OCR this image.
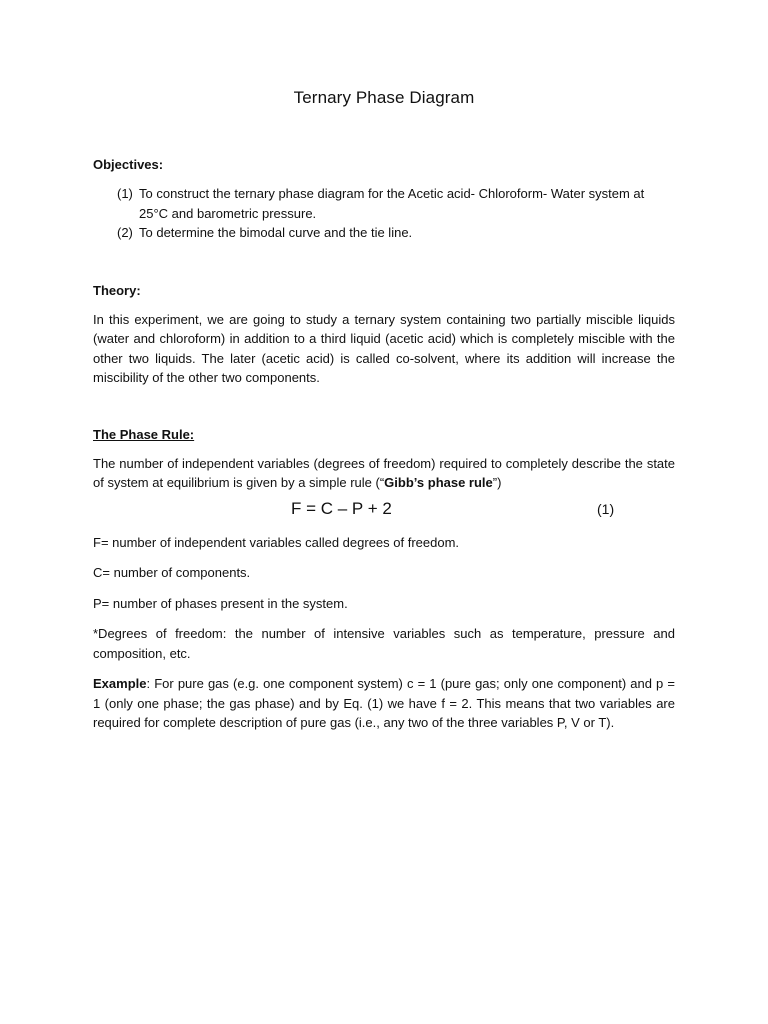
Ternary Phase Diagram
Objectives:
(1) To construct the ternary phase diagram for the Acetic acid- Chloroform- Water system at 25°C and barometric pressure.
(2) To determine the bimodal curve and the tie line.
Theory:

In this experiment, we are going to study a ternary system containing two partially miscible liquids (water and chloroform) in addition to a third liquid (acetic acid) which is completely miscible with the other two liquids. The later (acetic acid) is called co-solvent, where its addition will increase the miscibility of the other two components.

The Phase Rule:

The number of independent variables (degrees of freedom) required to completely describe the state of system at equilibrium is given by a simple rule (“Gibb’s phase rule”)

F = C – P + 2	(1)

F= number of independent variables called degrees of freedom.

C= number of components.

P= number of phases present in the system.

*Degrees of freedom: the number of intensive variables such as temperature, pressure and composition, etc.

Example: For pure gas (e.g. one component system) c = 1 (pure gas; only one component) and p = 1 (only one phase; the gas phase) and by Eq. (1) we have f = 2. This means that two variables are required for complete description of pure gas (i.e., any two of the three variables P, V or T).
